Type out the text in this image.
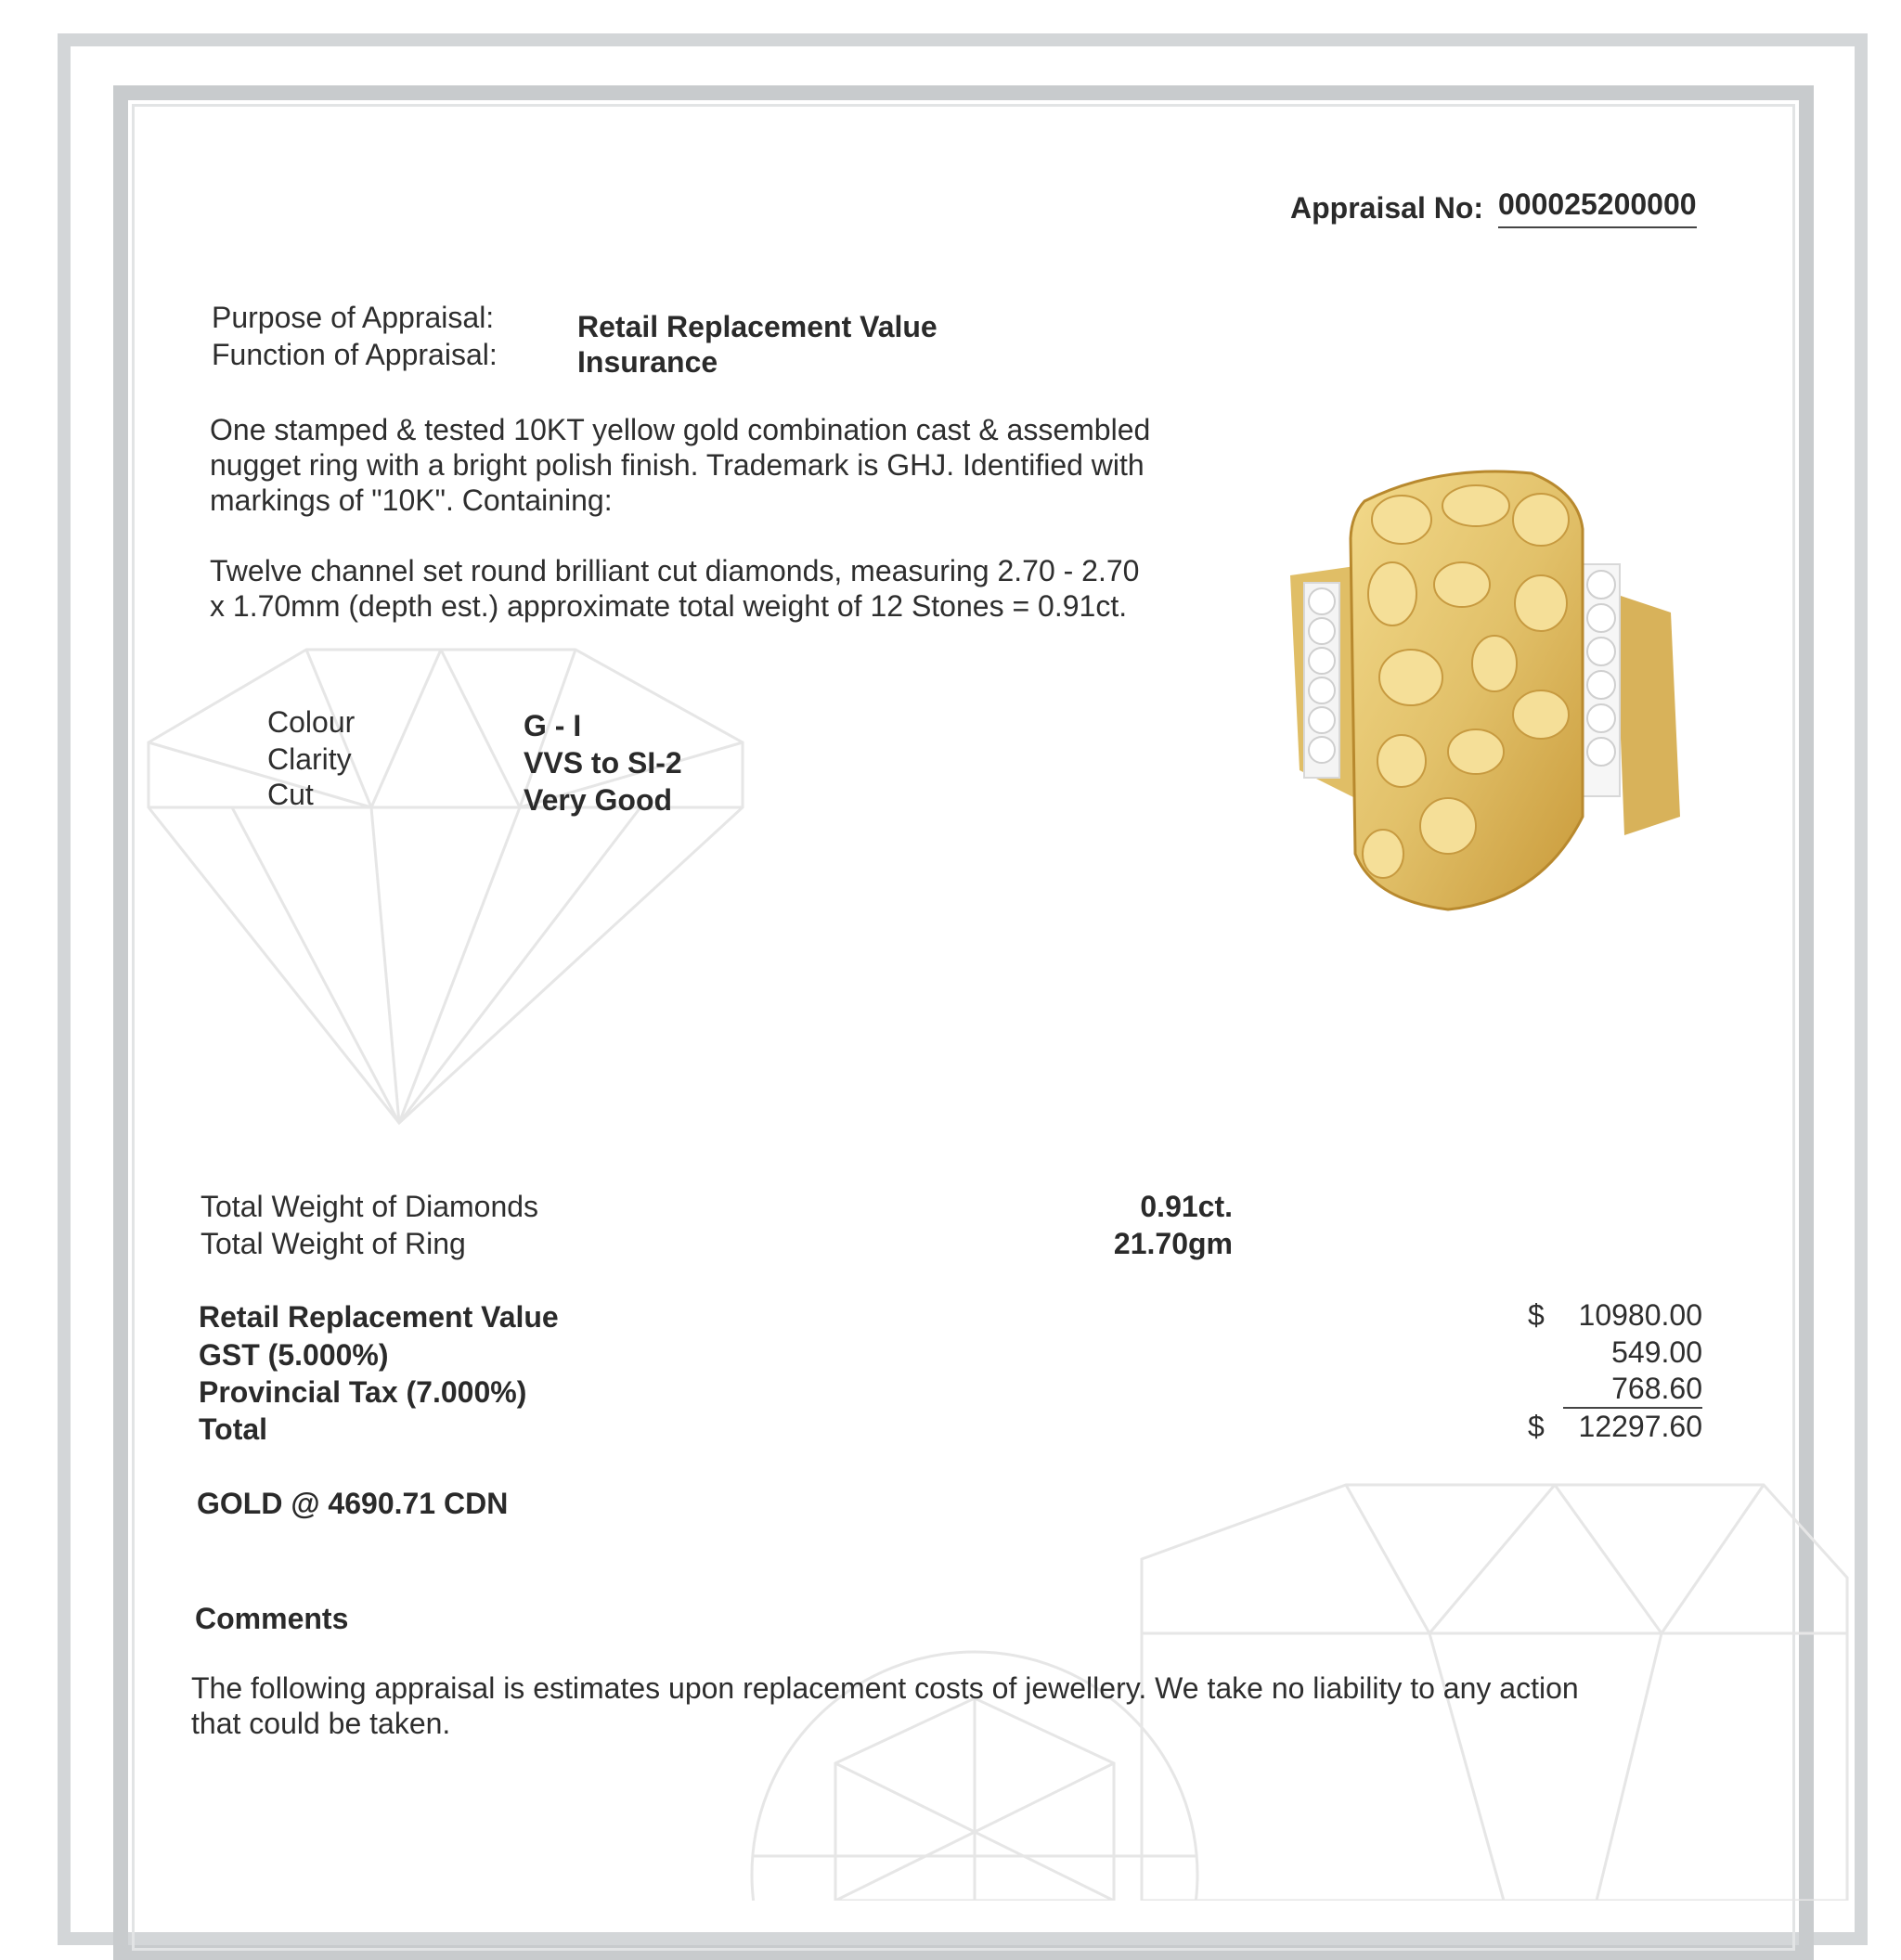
Appraisal No: 000025200000
Purpose of Appraisal:	Retail Replacement Value
Function of Appraisal:	Insurance
One stamped & tested 10KT yellow gold combination cast & assembled nugget ring with a bright polish finish. Trademark is GHJ. Identified with markings of "10K". Containing:
Twelve channel set round brilliant cut diamonds, measuring 2.70 - 2.70 x 1.70mm (depth est.) approximate total weight of 12 Stones = 0.91ct.
Colour	G - I
Clarity	VVS to SI-2
Cut	Very Good
Total Weight of Diamonds	0.91ct.
Total Weight of Ring	21.70gm
Retail Replacement Value	$	10980.00
GST (5.000%)	549.00
Provincial Tax (7.000%)	768.60
Total	$	12297.60
GOLD @ 4690.71 CDN
Comments
The following appraisal is estimates upon replacement costs of jewellery. We take no liability to any action that could be taken.
